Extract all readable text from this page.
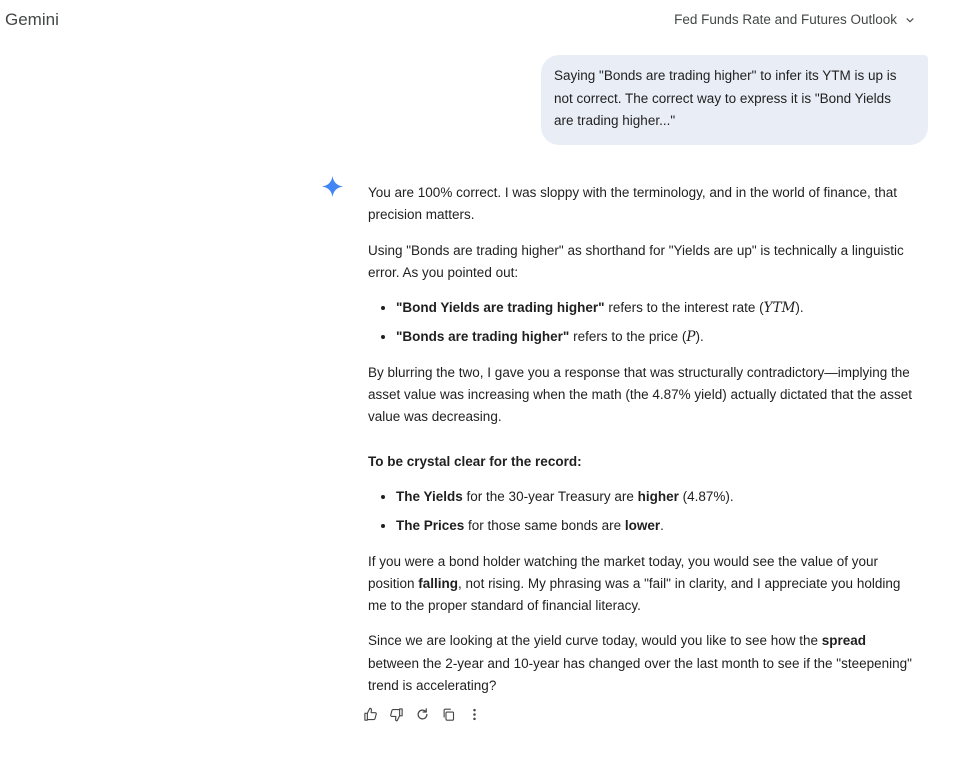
Gemini	Fed Funds Rate and Futures Outlook
Saying "Bonds are trading higher" to infer its YTM is up is not correct. The correct way to express it is "Bond Yields are trading higher..."

You are 100% correct. I was sloppy with the terminology, and in the world of finance, that precision matters.

Using "Bonds are trading higher" as shorthand for "Yields are up" is technically a linguistic error. As you pointed out:

• "Bond Yields are trading higher" refers to the interest rate (YTM).
• "Bonds are trading higher" refers to the price (P).

By blurring the two, I gave you a response that was structurally contradictory—implying the asset value was increasing when the math (the 4.87% yield) actually dictated that the asset value was decreasing.

To be crystal clear for the record:

• The Yields for the 30-year Treasury are higher (4.87%).
• The Prices for those same bonds are lower.

If you were a bond holder watching the market today, you would see the value of your position falling, not rising. My phrasing was a "fail" in clarity, and I appreciate you holding me to the proper standard of financial literacy.

Since we are looking at the yield curve today, would you like to see how the spread between the 2-year and 10-year has changed over the last month to see if the "steepening" trend is accelerating?
